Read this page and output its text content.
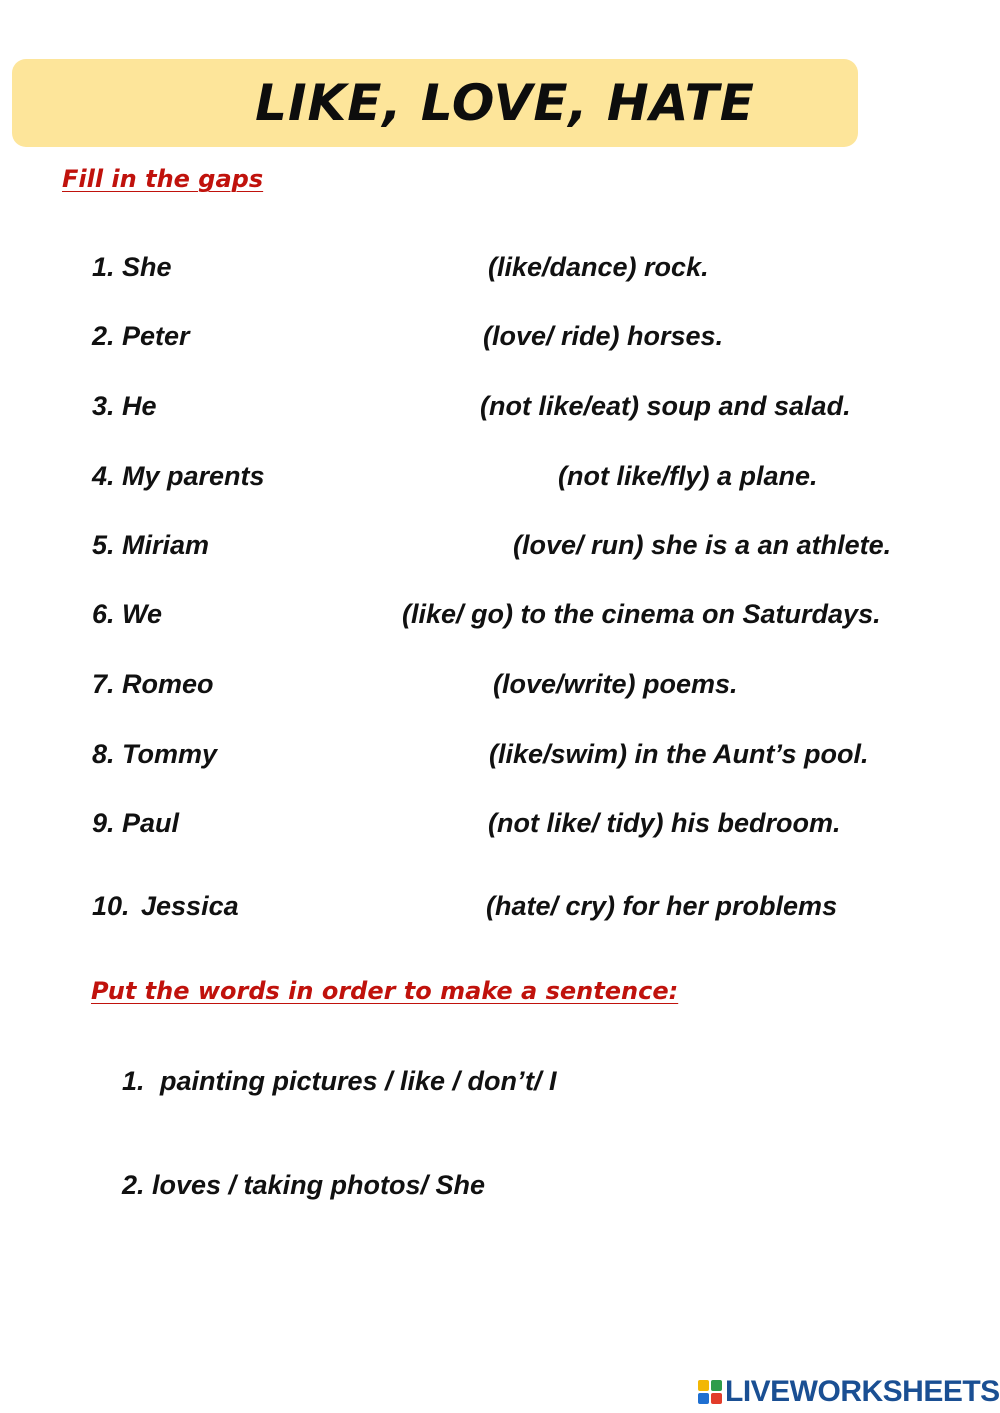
LIKE, LOVE, HATE
Fill in the gaps
1. She	(like/dance) rock.
2. Peter	(love/ ride) horses.
3. He	(not like/eat) soup and salad.
4. My parents	(not like/fly) a plane.
5. Miriam	(love/ run) she is a an athlete.
6. We	(like/ go) to the cinema on Saturdays.
7. Romeo	(love/write) poems.
8. Tommy	(like/swim) in the Aunt’s pool.
9. Paul	(not like/ tidy) his bedroom.
10. Jessica	(hate/ cry) for her problems
Put the words in order to make a sentence:
1. painting pictures / like / don’t/ I
2. loves / taking photos/ She
LIVEWORKSHEETS
